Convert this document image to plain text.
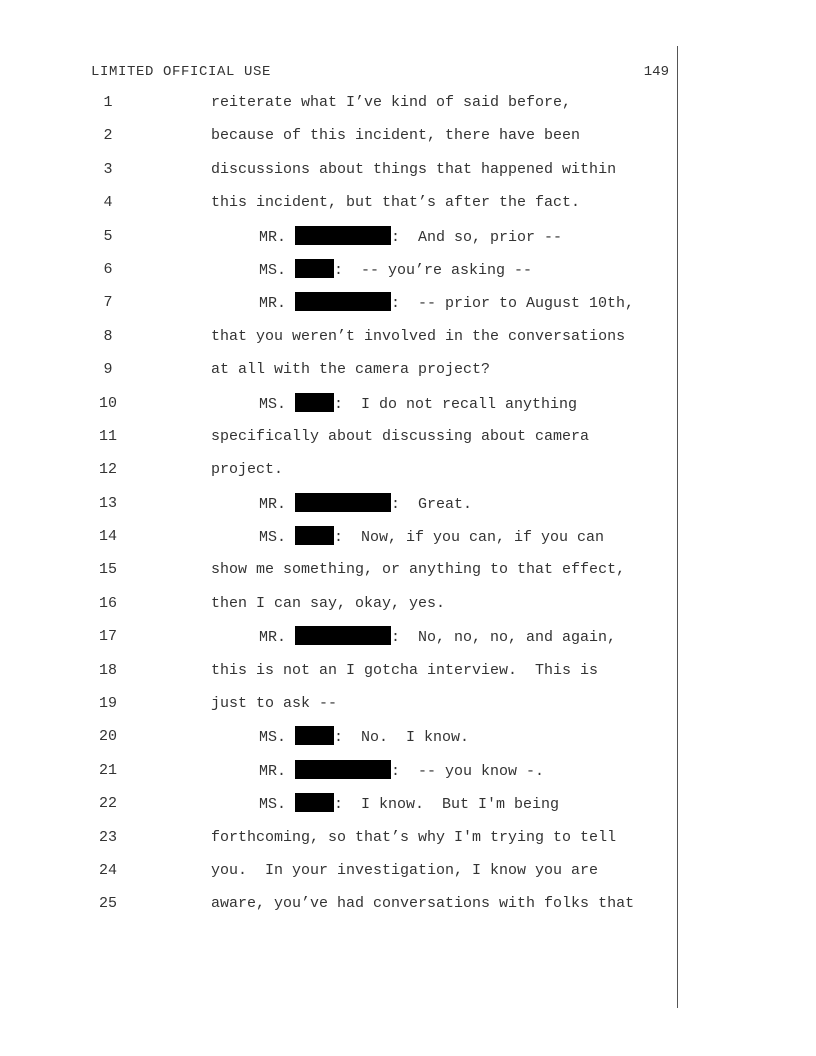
LIMITED OFFICIAL USE	149
1	reiterate what I’ve kind of said before,
2	because of this incident, there have been
3	discussions about things that happened within
4	this incident, but that’s after the fact.
5	MR.	:  And so, prior --
6	MS.	:  -- you’re asking --
7	MR.	:  -- prior to August 10th,
8	that you weren’t involved in the conversations
9	at all with the camera project?
10	MS.	:  I do not recall anything
11	specifically about discussing about camera
12	project.
13	MR.	:  Great.
14	MS.	:  Now, if you can, if you can
15	show me something, or anything to that effect,
16	then I can say, okay, yes.
17	MR.	:  No, no, no, and again,
18	this is not an I gotcha interview.  This is
19	just to ask --
20	MS.	:  No.  I know.
21	MR.	:  -- you know -.
22	MS.	:  I know.  But I'm being
23	forthcoming, so that’s why I'm trying to tell
24	you.  In your investigation, I know you are
25	aware, you’ve had conversations with folks that
